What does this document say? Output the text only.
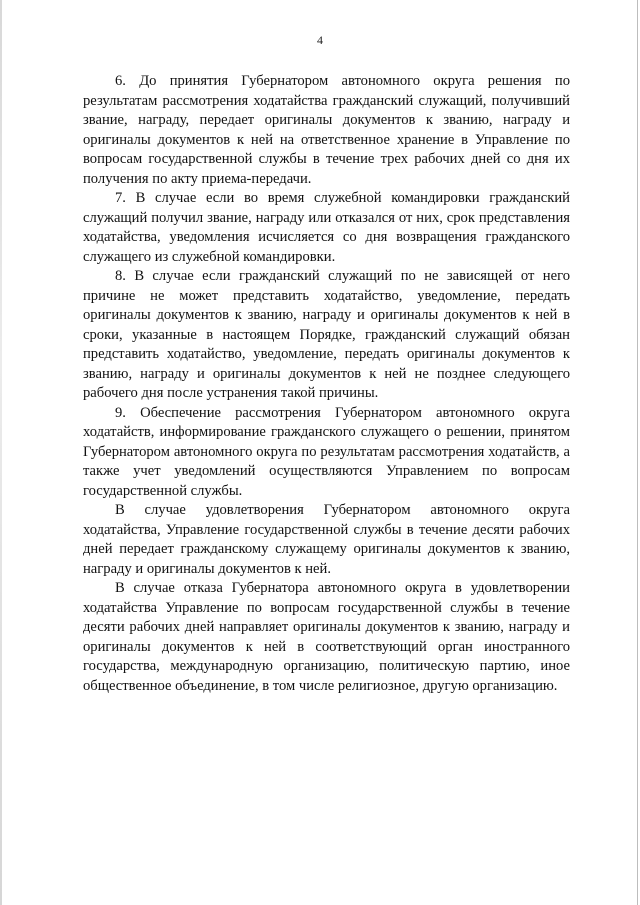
4

6. До принятия Губернатором автономного округа решения по результатам рассмотрения ходатайства гражданский служащий, получивший звание, награду, передает оригиналы документов к званию, награду и оригиналы документов к ней на ответственное хранение в Управление по вопросам государственной службы в течение трех рабочих дней со дня их получения по акту приема-передачи.

7. В случае если во время служебной командировки гражданский служащий получил звание, награду или отказался от них, срок представления ходатайства, уведомления исчисляется со дня возвращения гражданского служащего из служебной командировки.

8. В случае если гражданский служащий по не зависящей от него причине не может представить ходатайство, уведомление, передать оригиналы документов к званию, награду и оригиналы документов к ней в сроки, указанные в настоящем Порядке, гражданский служащий обязан представить ходатайство, уведомление, передать оригиналы документов к званию, награду и оригиналы документов к ней не позднее следующего рабочего дня после устранения такой причины.

9. Обеспечение рассмотрения Губернатором автономного округа ходатайств, информирование гражданского служащего о решении, принятом Губернатором автономного округа по результатам рассмотрения ходатайств, а также учет уведомлений осуществляются Управлением по вопросам государственной службы.

В случае удовлетворения Губернатором автономного округа ходатайства, Управление государственной службы в течение десяти рабочих дней передает гражданскому служащему оригиналы документов к званию, награду и оригиналы документов к ней.

В случае отказа Губернатора автономного округа в удовлетворении ходатайства Управление по вопросам государственной службы в течение десяти рабочих дней направляет оригиналы документов к званию, награду и оригиналы документов к ней в соответствующий орган иностранного государства, международную организацию, политическую партию, иное общественное объединение, в том числе религиозное, другую организацию.
